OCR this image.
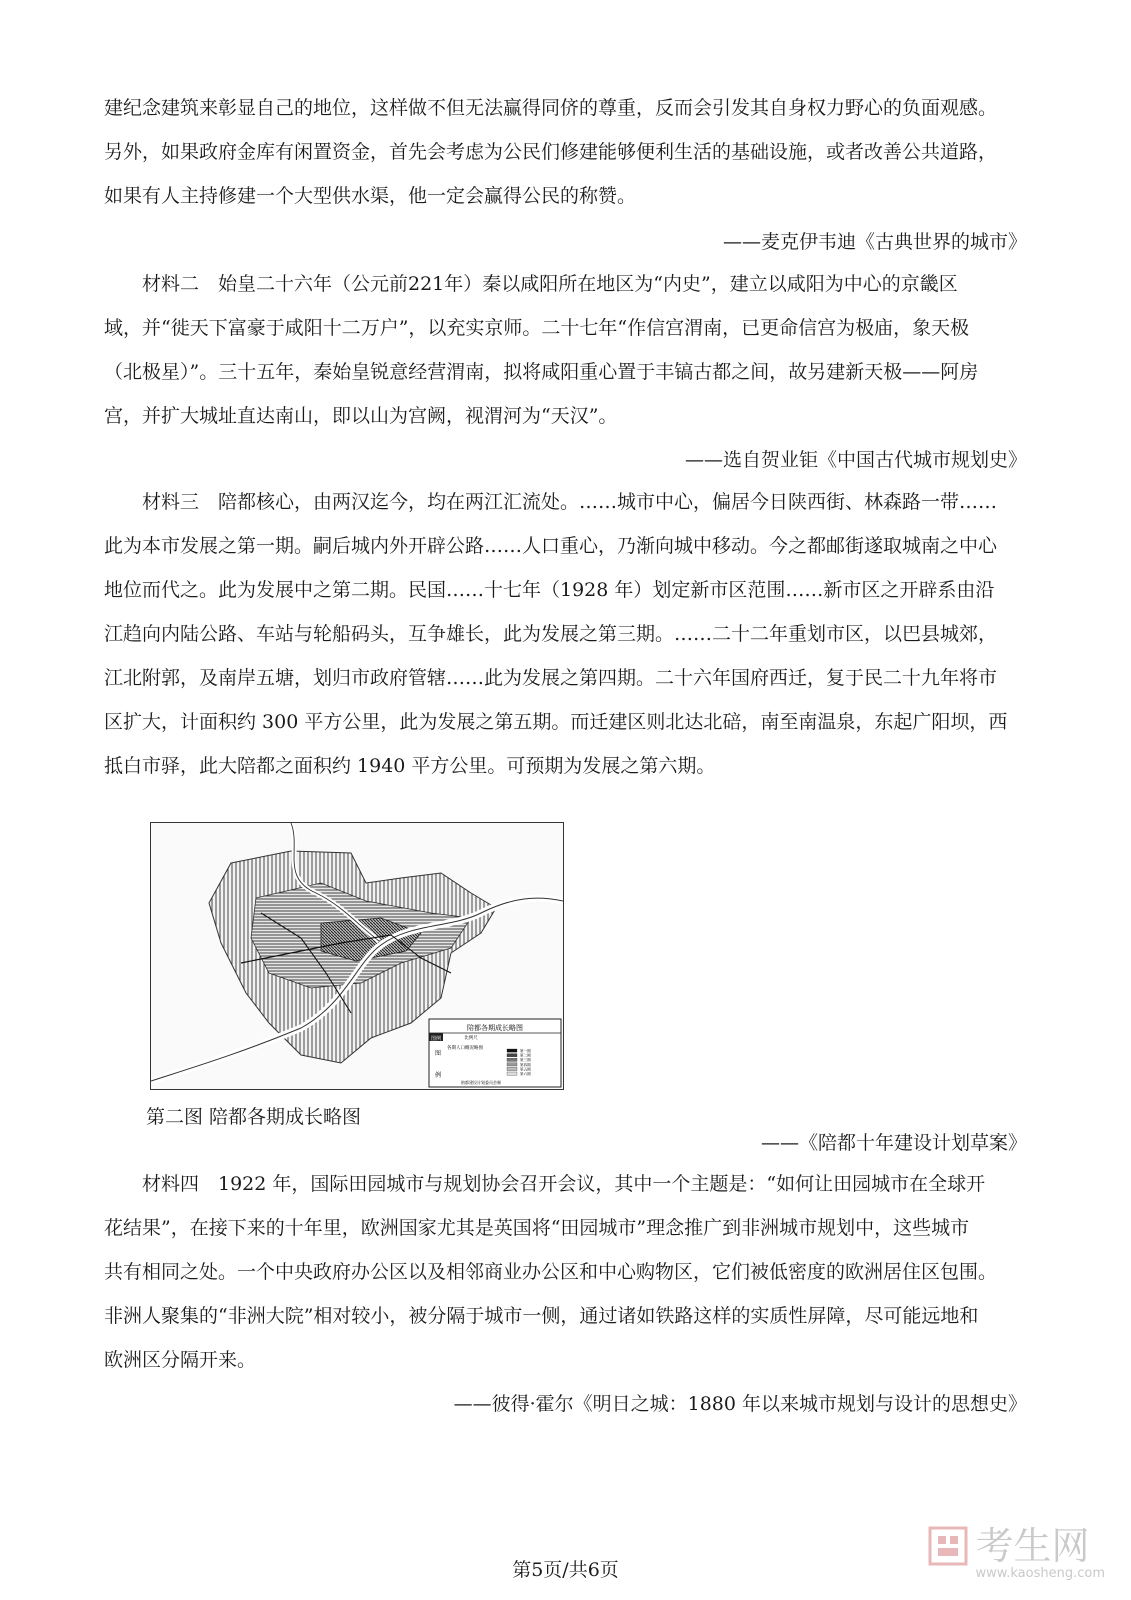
建纪念建筑来彰显自己的地位，这样做不但无法赢得同侪的尊重，反而会引发其自身权力野心的负面观感。

另外，如果政府金库有闲置资金，首先会考虑为公民们修建能够便利生活的基础设施，或者改善公共道路，

如果有人主持修建一个大型供水渠，他一定会赢得公民的称赞。

——麦克伊韦迪《古典世界的城市》

材料二　始皇二十六年（公元前221年）秦以咸阳所在地区为“内史”，建立以咸阳为中心的京畿区

域，并“徙天下富豪于咸阳十二万户”，以充实京师。二十七年“作信宫渭南，已更命信宫为极庙，象天极

（北极星）”。三十五年，秦始皇锐意经营渭南，拟将咸阳重心置于丰镐古都之间，故另建新天极——阿房

宫，并扩大城址直达南山，即以山为宫阙，视渭河为“天汉”。

——选自贺业钜《中国古代城市规划史》

材料三　陪都核心，由两汉迄今，均在两江汇流处。……城市中心，偏居今日陕西街、林森路一带……

此为本市发展之第一期。嗣后城内外开辟公路……人口重心，乃渐向城中移动。今之都邮街遂取城南之中心

地位而代之。此为发展中之第二期。民国……十七年（1928 年）划定新市区范围……新市区之开辟系由沿

江趋向内陆公路、车站与轮船码头，互争雄长，此为发展之第三期。……二十二年重划市区，以巴县城郊，

江北附郭，及南岸五塘，划归市政府管辖……此为发展之第四期。二十六年国府西迁，复于民二十九年将市

区扩大，计面积约 300 平方公里，此为发展之第五期。而迁建区则北达北碚，南至南温泉，东起广阳坝，西

抵白市驿，此大陪都之面积约 1940 平方公里。可预期为发展之第六期。

陪都各期成长略图
图例	比例尺
图
例
各期人口概况略图	第一期
第二期
第三期
第四期
第五期
第六期
陪都建设计划委员会制
第二图 陪都各期成长略图
——《陪都十年建设计划草案》

材料四　1922 年，国际田园城市与规划协会召开会议，其中一个主题是：“如何让田园城市在全球开

花结果”，在接下来的十年里，欧洲国家尤其是英国将“田园城市”理念推广到非洲城市规划中，这些城市

共有相同之处。一个中央政府办公区以及相邻商业办公区和中心购物区，它们被低密度的欧洲居住区包围。

非洲人聚集的“非洲大院”相对较小，被分隔于城市一侧，通过诸如铁路这样的实质性屏障，尽可能远地和

欧洲区分隔开来。

——彼得·霍尔《明日之城：1880 年以来城市规划与设计的思想史》
第5页/共6页
考生网
www.kaosheng.com
